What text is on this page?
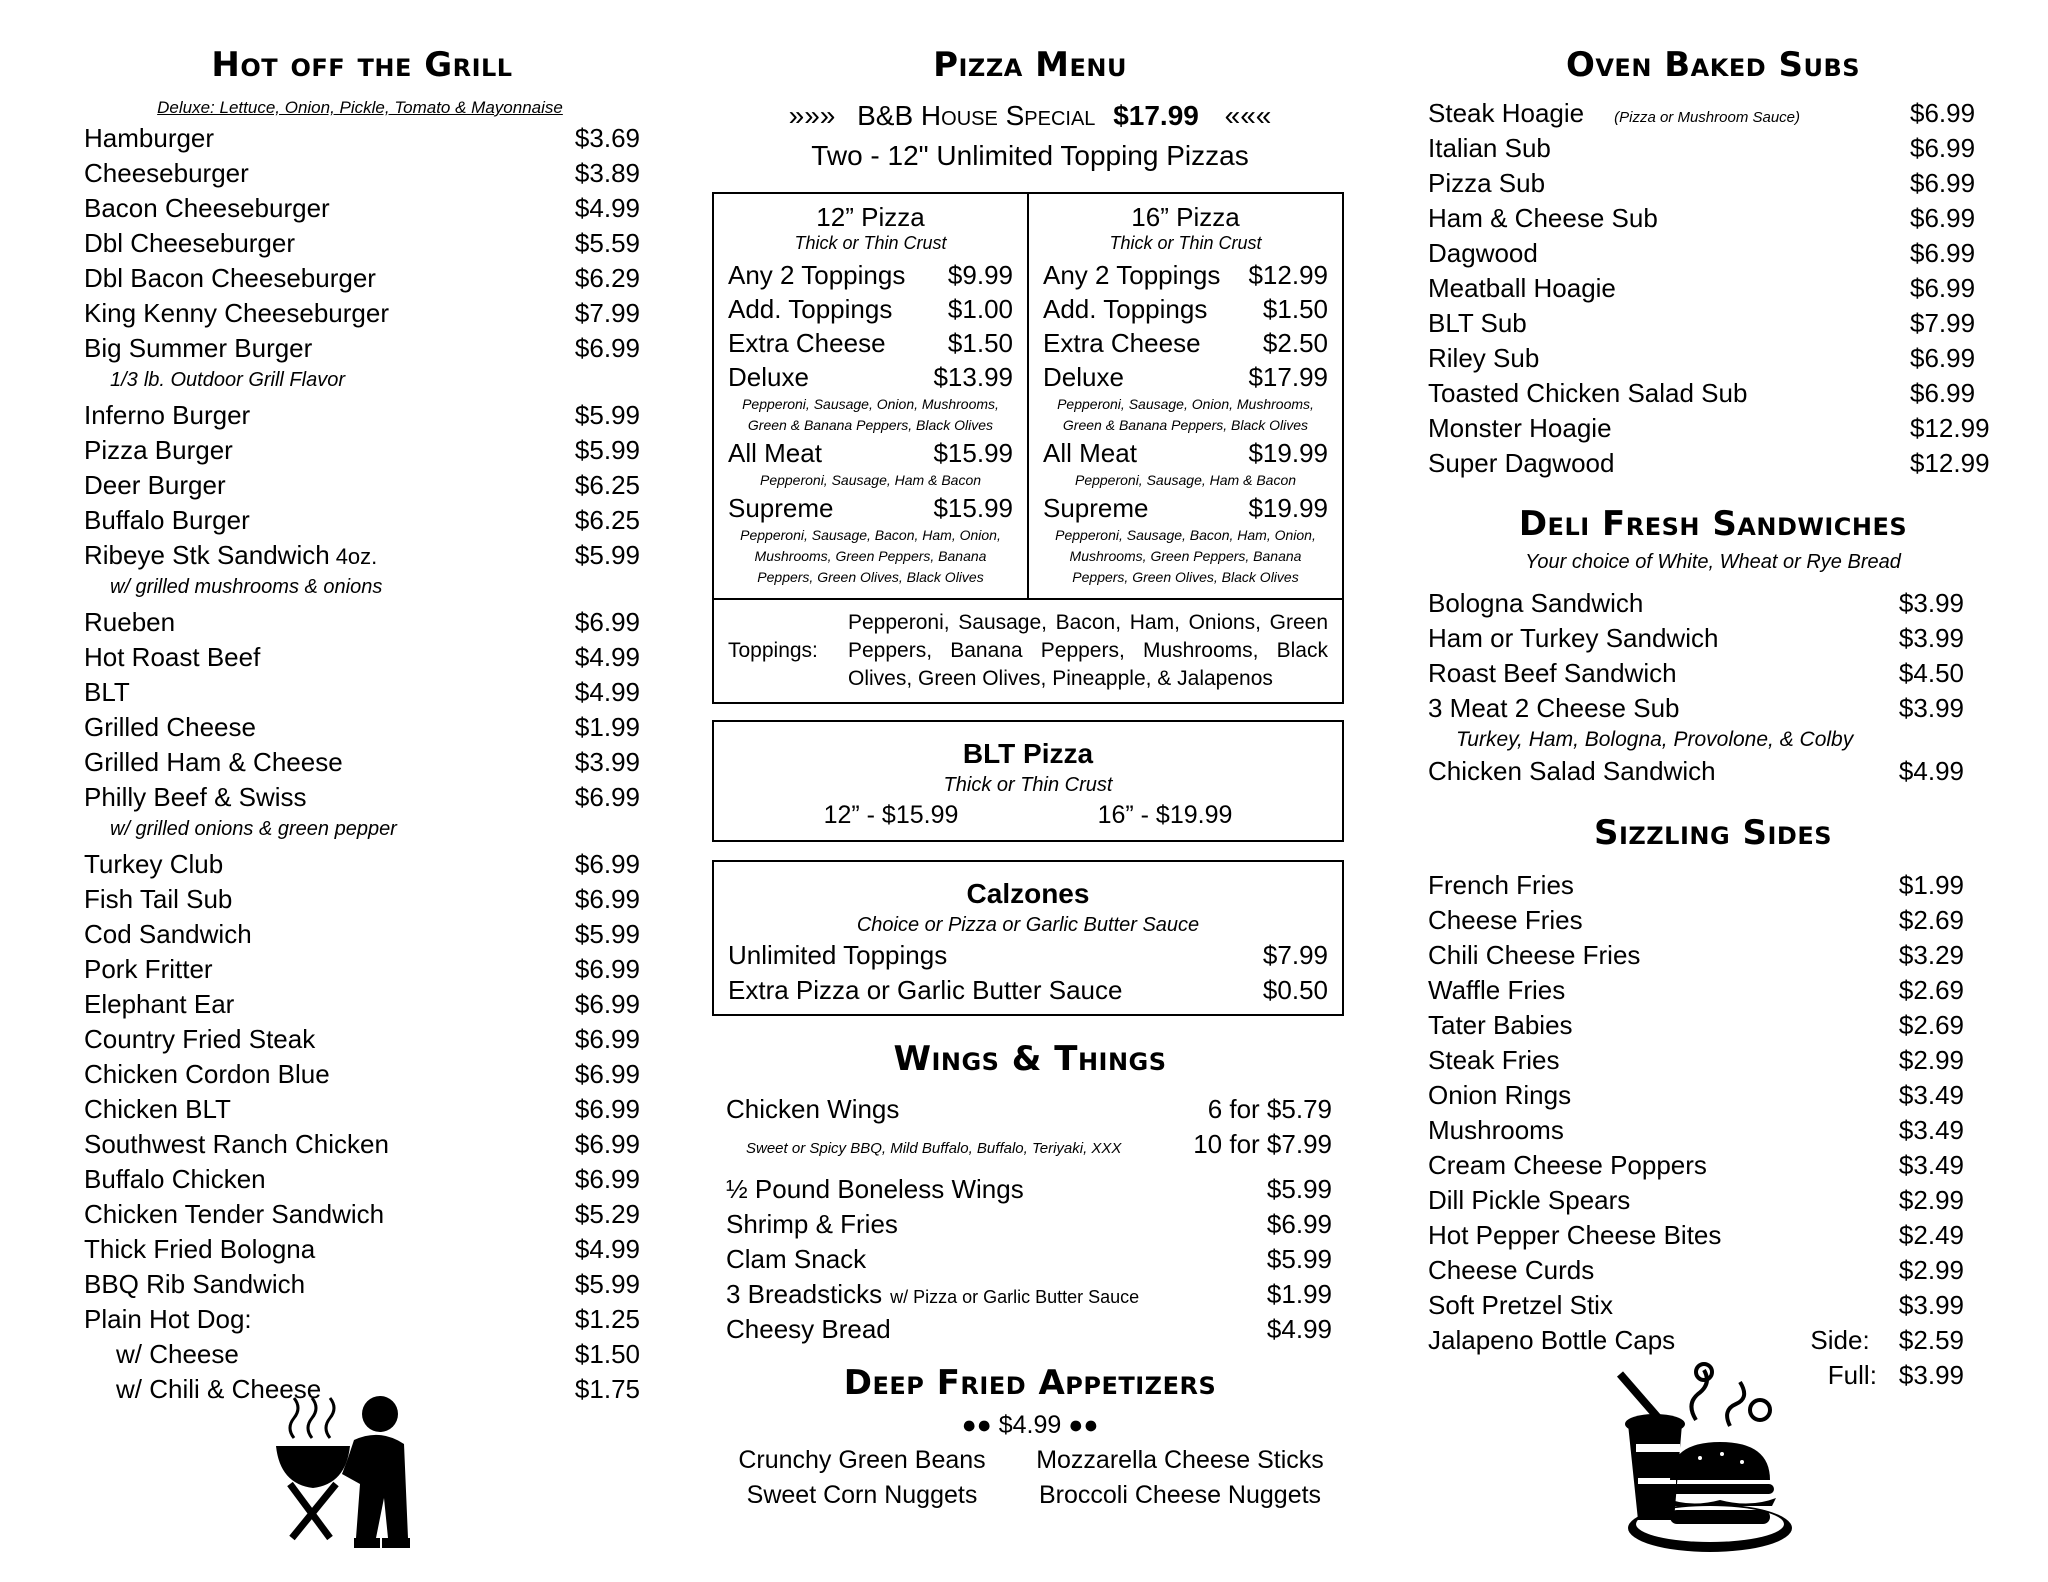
Hot off the Grill
Deluxe: Lettuce, Onion, Pickle, Tomato & Mayonnaise
Hamburger	$3.69
Cheeseburger	$3.89
Bacon Cheeseburger	$4.99
Dbl Cheeseburger	$5.59
Dbl Bacon Cheeseburger	$6.29
King Kenny Cheeseburger	$7.99
Big Summer Burger	$6.99
1/3 lb. Outdoor Grill Flavor
Inferno Burger	$5.99
Pizza Burger	$5.99
Deer Burger	$6.25
Buffalo Burger	$6.25
Ribeye Stk Sandwich 4oz.	$5.99
w/ grilled mushrooms & onions
Rueben	$6.99
Hot Roast Beef	$4.99
BLT	$4.99
Grilled Cheese	$1.99
Grilled Ham & Cheese	$3.99
Philly Beef & Swiss	$6.99
w/ grilled onions & green pepper
Turkey Club	$6.99
Fish Tail Sub	$6.99
Cod Sandwich	$5.99
Pork Fritter	$6.99
Elephant Ear	$6.99
Country Fried Steak	$6.99
Chicken Cordon Blue	$6.99
Chicken BLT	$6.99
Southwest Ranch Chicken	$6.99
Buffalo Chicken	$6.99
Chicken Tender Sandwich	$5.29
Thick Fried Bologna	$4.99
BBQ Rib Sandwich	$5.99
Plain Hot Dog:	$1.25
w/ Cheese	$1.50
w/ Chili & Cheese	$1.75
Pizza Menu
»»» B&B House Special $17.99 «««
Two - 12" Unlimited Topping Pizzas
12” Pizza
Thick or Thin Crust
Any 2 Toppings $9.99
Add. Toppings $1.00
Extra Cheese $1.50
Deluxe	$13.99
Pepperoni, Sausage, Onion, Mushrooms, Green & Banana Peppers, Black Olives
All Meat	$15.99
Pepperoni, Sausage, Ham & Bacon
Supreme	$15.99
Pepperoni, Sausage, Bacon, Ham, Onion, Mushrooms, Green Peppers, Banana Peppers, Green Olives, Black Olives
16” Pizza
Thick or Thin Crust
Any 2 Toppings $12.99
Add. Toppings $1.50
Extra Cheese $2.50
Deluxe	$17.99
Pepperoni, Sausage, Onion, Mushrooms, Green & Banana Peppers, Black Olives
All Meat	$19.99
Pepperoni, Sausage, Ham & Bacon
Supreme	$19.99
Pepperoni, Sausage, Bacon, Ham, Onion, Mushrooms, Green Peppers, Banana Peppers, Green Olives, Black Olives
Toppings:
Pepperoni, Sausage, Bacon, Ham, Onions, Green Peppers, Banana Peppers, Mushrooms, Black Olives, Green Olives, Pineapple, & Jalapenos
BLT Pizza
Thick or Thin Crust
12” - $15.99	16” - $19.99
Calzones
Choice or Pizza or Garlic Butter Sauce
Unlimited Toppings	$7.99
Extra Pizza or Garlic Butter Sauce	$0.50
Wings & Things
Chicken Wings	6 for $5.79
Sweet or Spicy BBQ, Mild Buffalo, Buffalo, Teriyaki, XXX	10 for $7.99
½ Pound Boneless Wings	$5.99
Shrimp & Fries	$6.99
Clam Snack	$5.99
3 Breadsticks w/ Pizza or Garlic Butter Sauce	$1.99
Cheesy Bread	$4.99
Deep Fried Appetizers
●● $4.99 ●●
Crunchy Green Beans	Mozzarella Cheese Sticks
Sweet Corn Nuggets	Broccoli Cheese Nuggets
Oven Baked Subs
Steak Hoagie (Pizza or Mushroom Sauce)	$6.99
Italian Sub	$6.99
Pizza Sub	$6.99
Ham & Cheese Sub	$6.99
Dagwood	$6.99
Meatball Hoagie	$6.99
BLT Sub	$7.99
Riley Sub	$6.99
Toasted Chicken Salad Sub	$6.99
Monster Hoagie	$12.99
Super Dagwood	$12.99
Deli Fresh Sandwiches
Your choice of White, Wheat or Rye Bread
Bologna Sandwich	$3.99
Ham or Turkey Sandwich	$3.99
Roast Beef Sandwich	$4.50
3 Meat 2 Cheese Sub	$3.99
Turkey, Ham, Bologna, Provolone, & Colby
Chicken Salad Sandwich	$4.99
Sizzling Sides
French Fries	$1.99
Cheese Fries	$2.69
Chili Cheese Fries	$3.29
Waffle Fries	$2.69
Tater Babies	$2.69
Steak Fries	$2.99
Onion Rings	$3.49
Mushrooms	$3.49
Cream Cheese Poppers	$3.49
Dill Pickle Spears	$2.99
Hot Pepper Cheese Bites	$2.49
Cheese Curds	$2.99
Soft Pretzel Stix	$3.99
Jalapeno Bottle Caps	Side: $2.59
Full: $3.99
